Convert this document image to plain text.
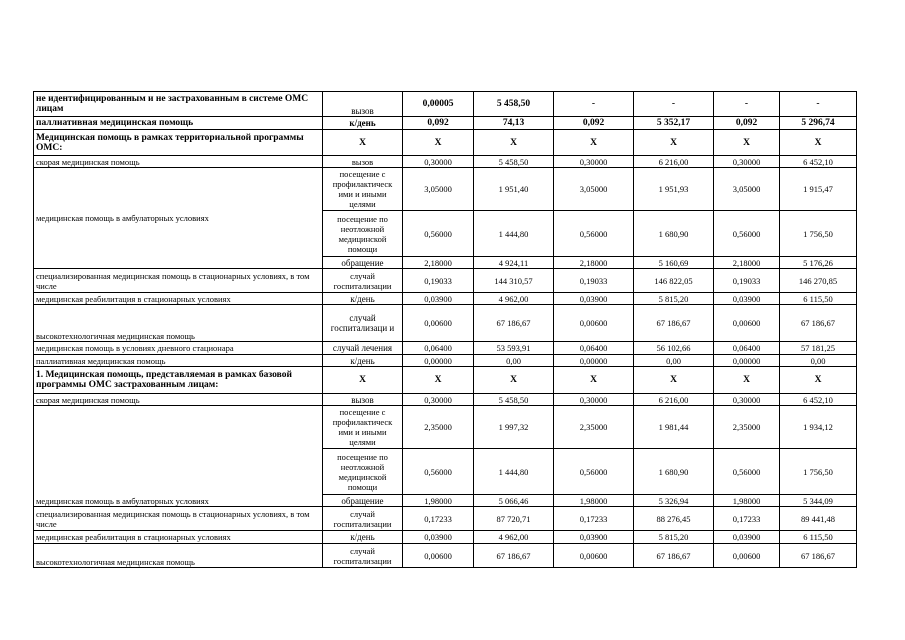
не идентифицированным и не застрахованным в системе ОМС лицам	вызов	0,00005	5 458,50	-	-	-	-
паллиативная медицинская помощь	к/день	0,092	74,13	0,092	5 352,17	0,092	5 296,74
Медицинская помощь в рамках территориальной программы ОМС:	Х	Х	Х	Х	Х	Х	Х
скорая медицинская помощь	вызов	0,30000	5 458,50	0,30000	6 216,00	0,30000	6 452,10
медицинская помощь в амбулаторных условиях	посещение с профилактическ ими и иными целями	3,05000	1 951,40	3,05000	1 951,93	3,05000	1 915,47
	посещение по неотложной медицинской помощи	0,56000	1 444,80	0,56000	1 680,90	0,56000	1 756,50
	обращение	2,18000	4 924,11	2,18000	5 160,69	2,18000	5 176,26
специализированная медицинская помощь в стационарных условиях, в том числе	случай госпитализации	0,19033	144 310,57	0,19033	146 822,05	0,19033	146 270,85
медицинская реабилитация в стационарных условиях	к/день	0,03900	4 962,00	0,03900	5 815,20	0,03900	6 115,50
высокотехнологичная медицинская помощь	случай госпитализаци и	0,00600	67 186,67	0,00600	67 186,67	0,00600	67 186,67
медицинская помощь в условиях дневного стационара	случай лечения	0,06400	53 593,91	0,06400	56 102,66	0,06400	57 181,25
паллиативная медицинская помощь	к/день	0,00000	0,00	0,00000	0,00	0,00000	0,00
1. Медицинская помощь, представляемая в рамках базовой программы ОМС застрахованным лицам:	Х	Х	Х	Х	Х	Х	Х
скорая медицинская помощь	вызов	0,30000	5 458,50	0,30000	6 216,00	0,30000	6 452,10
медицинская помощь в амбулаторных условиях	посещение с профилактическ ими и иными целями	2,35000	1 997,32	2,35000	1 981,44	2,35000	1 934,12
	посещение по неотложной медицинской помощи	0,56000	1 444,80	0,56000	1 680,90	0,56000	1 756,50
	обращение	1,98000	5 066,46	1,98000	5 326,94	1,98000	5 344,09
специализированная медицинская помощь в стационарных условиях, в том числе	случай госпитализации	0,17233	87 720,71	0,17233	88 276,45	0,17233	89 441,48
медицинская реабилитация в стационарных условиях	к/день	0,03900	4 962,00	0,03900	5 815,20	0,03900	6 115,50
высокотехнологичная медицинская помощь	случай госпитализации	0,00600	67 186,67	0,00600	67 186,67	0,00600	67 186,67
